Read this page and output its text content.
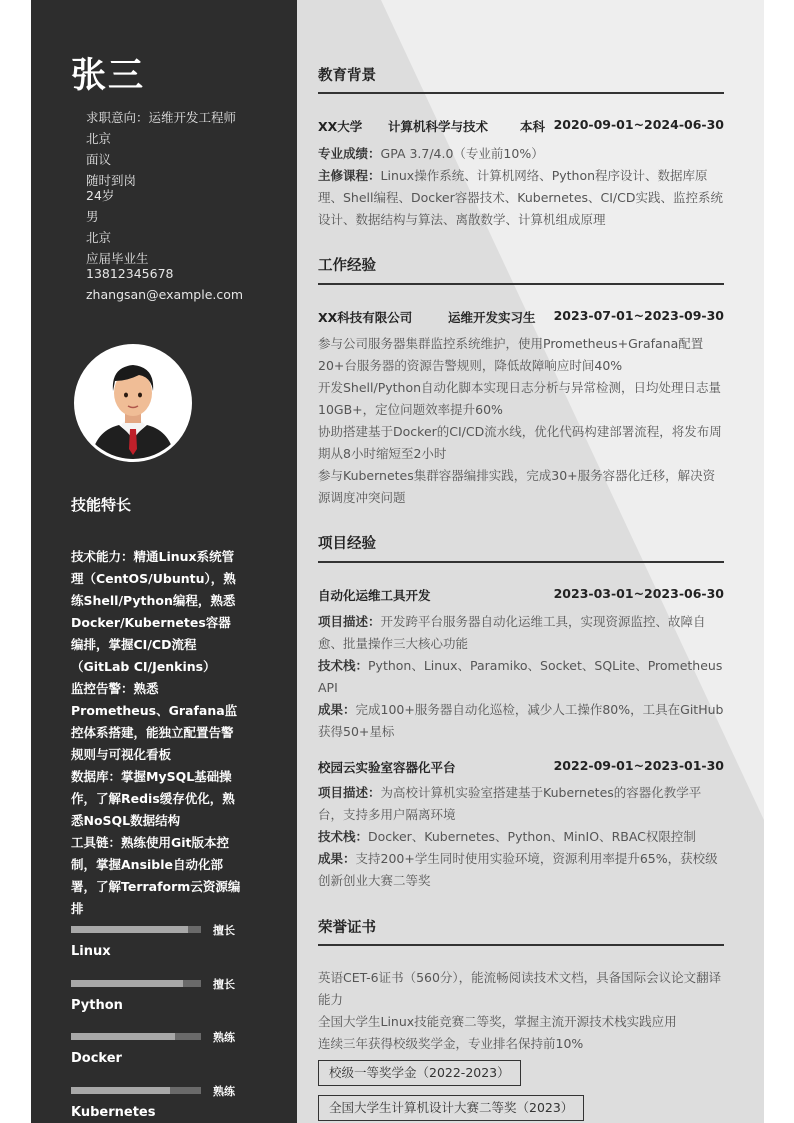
张三
求职意向：运维开发工程师
北京
面议
随时到岗
24岁
男
北京
应届毕业生
13812345678
zhangsan@example.com
技能特长

技术能力：精通Linux系统管理（CentOS/Ubuntu），熟练Shell/Python编程，熟悉Docker/Kubernetes容器编排，掌握CI/CD流程（GitLab CI/Jenkins）

监控告警：熟悉Prometheus、Grafana监控体系搭建，能独立配置告警规则与可视化看板

数据库：掌握MySQL基础操作，了解Redis缓存优化，熟悉NoSQL数据结构

工具链：熟练使用Git版本控制，掌握Ansible自动化部署，了解Terraform云资源编排

擅长
Linux
擅长
Python
熟练
Docker
熟练
Kubernetes
教育背景
XX大学 计算机科学与技术	本科 2020-09-01~2024-06-30

专业成绩：GPA 3.7/4.0（专业前10%）

主修课程：Linux操作系统、计算机网络、Python程序设计、数据库原理、Shell编程、Docker容器技术、Kubernetes、CI/CD实践、监控系统设计、数据结构与算法、离散数学、计算机组成原理

工作经验
XX科技有限公司	运维开发实习生 2023-07-01~2023-09-30

参与公司服务器集群监控系统维护，使用Prometheus+Grafana配置20+台服务器的资源告警规则，降低故障响应时间40%

开发Shell/Python自动化脚本实现日志分析与异常检测，日均处理日志量10GB+，定位问题效率提升60%

协助搭建基于Docker的CI/CD流水线，优化代码构建部署流程，将发布周期从8小时缩短至2小时

参与Kubernetes集群容器编排实践，完成30+服务容器化迁移，解决资源调度冲突问题

项目经验
自动化运维工具开发	2023-03-01~2023-06-30

项目描述：开发跨平台服务器自动化运维工具，实现资源监控、故障自愈、批量操作三大核心功能

技术栈：Python、Linux、Paramiko、Socket、SQLite、Prometheus API

成果：完成100+服务器自动化巡检，减少人工操作80%，工具在GitHub获得50+星标

校园云实验室容器化平台	2022-09-01~2023-01-30

项目描述：为高校计算机实验室搭建基于Kubernetes的容器化教学平台，支持多用户隔离环境

技术栈：Docker、Kubernetes、Python、MinIO、RBAC权限控制

成果：支持200+学生同时使用实验环境，资源利用率提升65%，获校级创新创业大赛二等奖

荣誉证书

英语CET-6证书（560分），能流畅阅读技术文档，具备国际会议论文翻译能力

全国大学生Linux技能竞赛二等奖，掌握主流开源技术栈实践应用

连续三年获得校级奖学金，专业排名保持前10%

校级一等奖学金（2022-2023）
全国大学生计算机设计大赛二等奖（2023）
